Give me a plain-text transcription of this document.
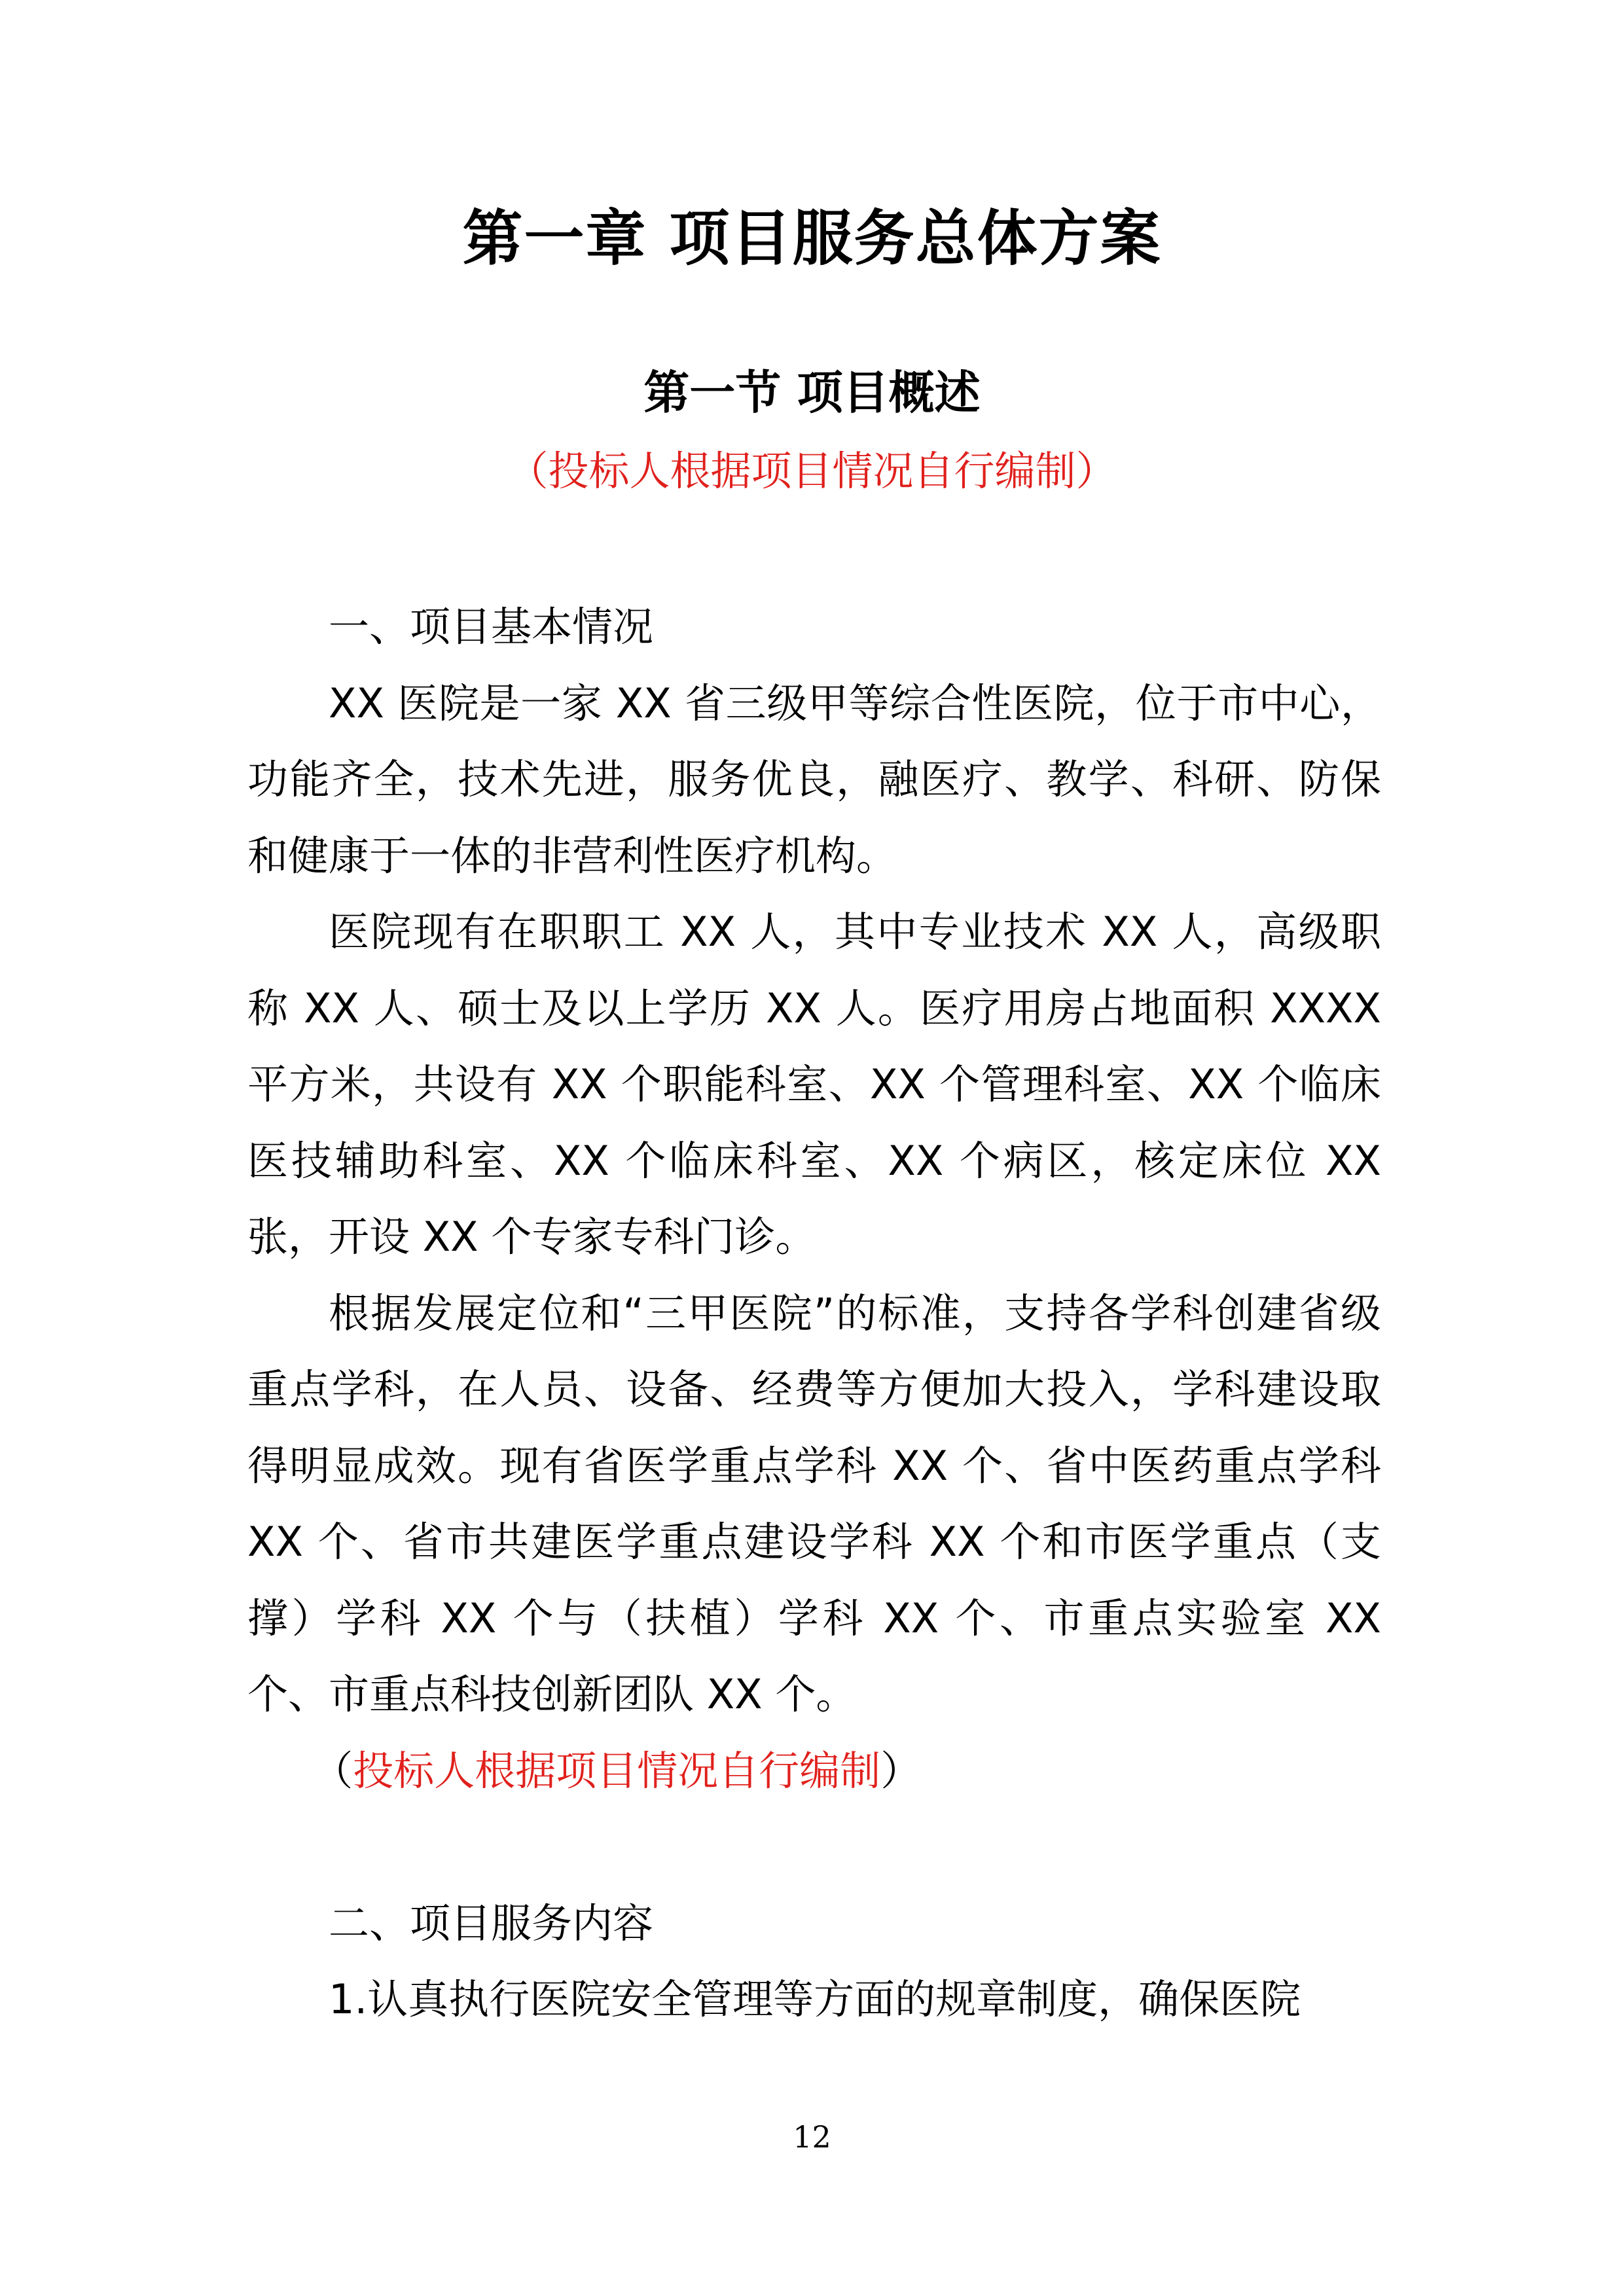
第一章 项目服务总体方案
第一节 项目概述
（投标人根据项目情况自行编制）

一、项目基本情况

XX 医院是一家 XX 省三级甲等综合性医院，位于市中心，功能齐全，技术先进，服务优良，融医疗、教学、科研、防保和健康于一体的非营利性医疗机构。

医院现有在职职工 XX 人，其中专业技术 XX 人，高级职称 XX 人、硕士及以上学历 XX 人。医疗用房占地面积 XXXX 平方米，共设有 XX 个职能科室、XX 个管理科室、XX 个临床医技辅助科室、XX 个临床科室、XX 个病区，核定床位 XX 张，开设 XX 个专家专科门诊。

根据发展定位和“三甲医院”的标准，支持各学科创建省级重点学科，在人员、设备、经费等方便加大投入，学科建设取得明显成效。现有省医学重点学科 XX 个、省中医药重点学科 XX 个、省市共建医学重点建设学科 XX 个和市医学重点（支撑）学科 XX 个与（扶植）学科 XX 个、市重点实验室 XX 个、市重点科技创新团队 XX 个。

（投标人根据项目情况自行编制）

二、项目服务内容

1.认真执行医院安全管理等方面的规章制度，确保医院

12
